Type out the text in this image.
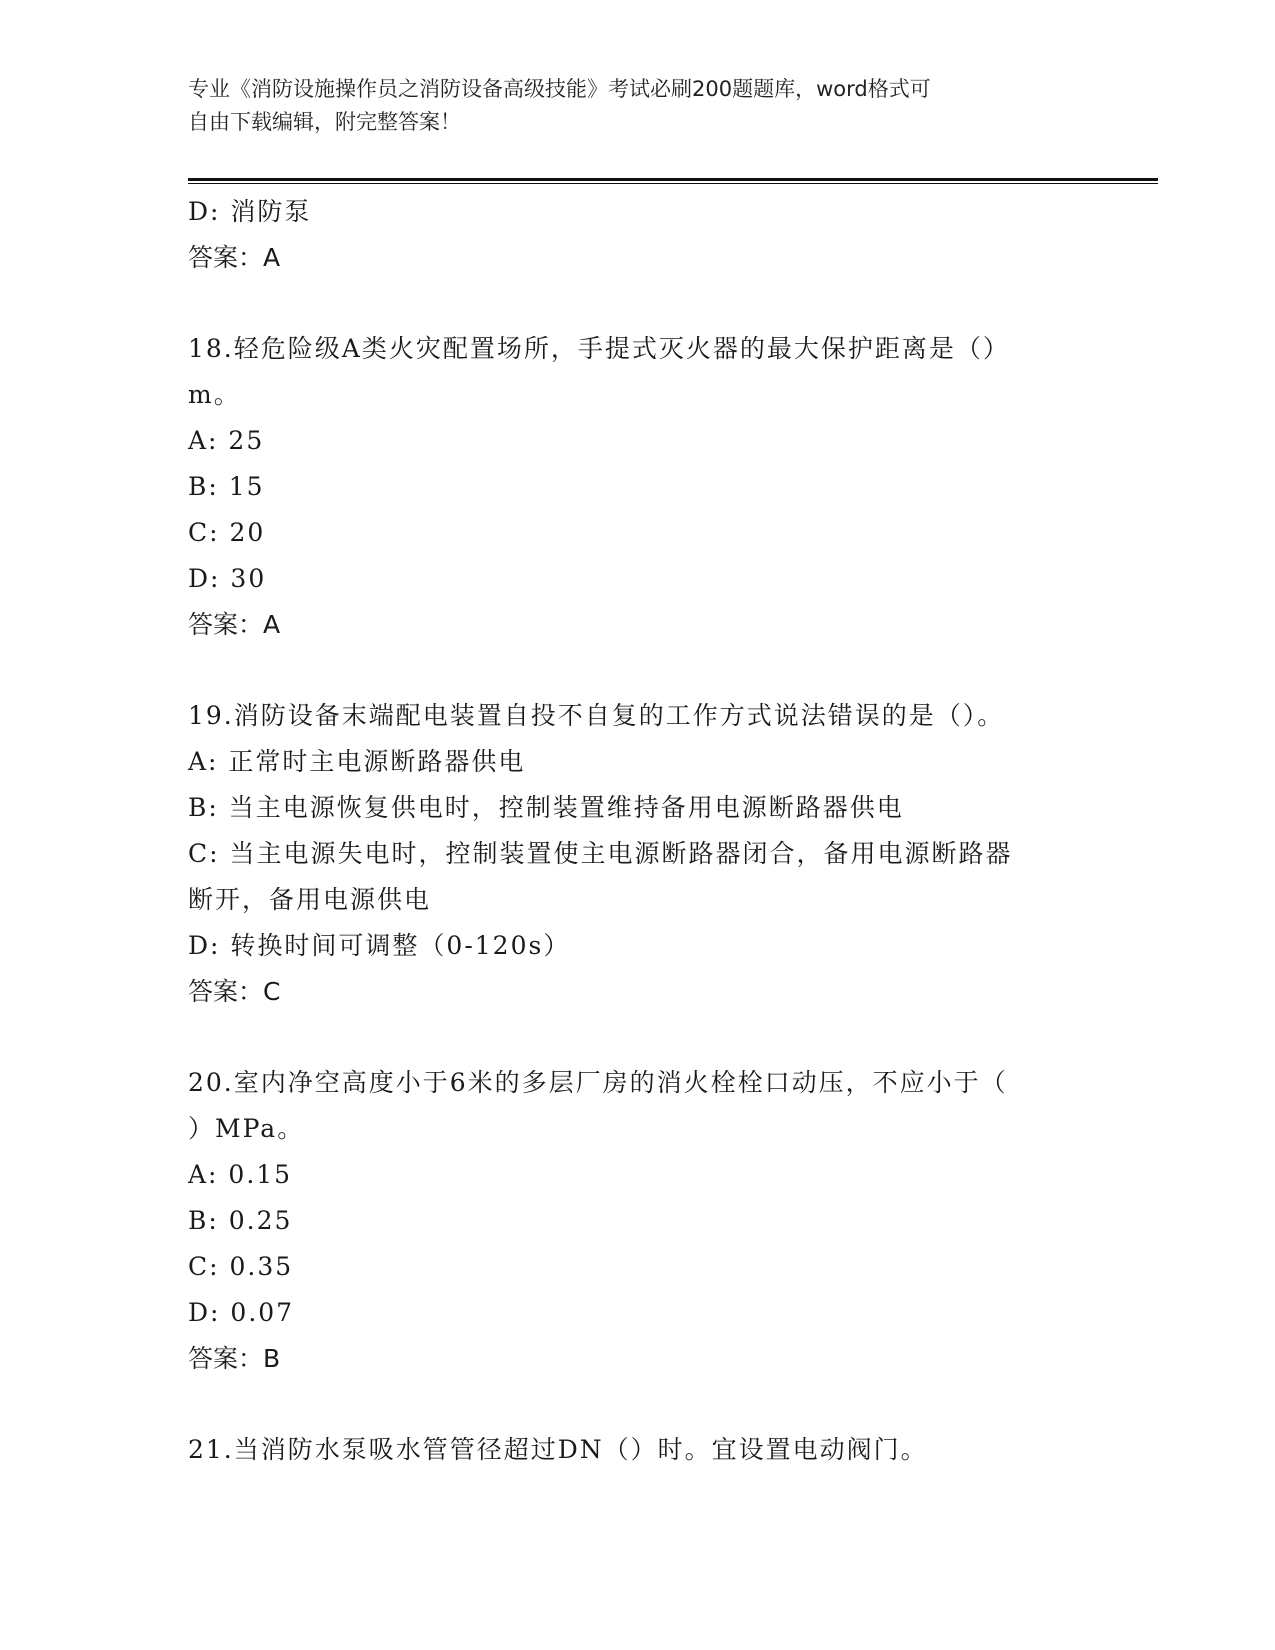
专业《消防设施操作员之消防设备高级技能》考试必刷200题题库，word格式可
自由下载编辑，附完整答案！
D: 消防泵
答案：A
18.轻危险级A类火灾配置场所，手提式灭火器的最大保护距离是（）
m。
A: 25
B: 15
C: 20
D: 30
答案：A
19.消防设备末端配电装置自投不自复的工作方式说法错误的是（）。
A: 正常时主电源断路器供电
B: 当主电源恢复供电时，控制装置维持备用电源断路器供电
C: 当主电源失电时，控制装置使主电源断路器闭合，备用电源断路器
断开，备用电源供电
D: 转换时间可调整（0-120s）
答案：C
20.室内净空高度小于6米的多层厂房的消火栓栓口动压，不应小于（
）MPa。
A: 0.15
B: 0.25
C: 0.35
D: 0.07
答案：B
21.当消防水泵吸水管管径超过DN（）时。宜设置电动阀门。
